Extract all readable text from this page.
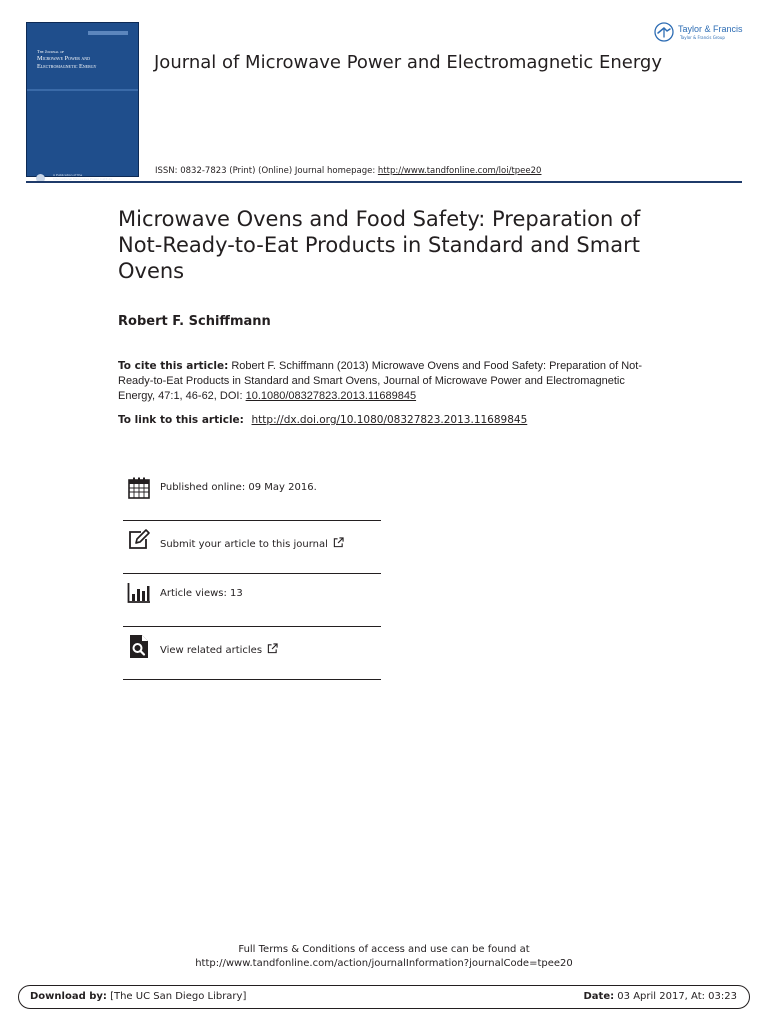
The Journal of
Microwave Power and
Electromagnetic Energy
A Publication of the
International Microwave Power Institute
Journal of Microwave Power and Electromagnetic Energy
ISSN: 0832-7823 (Print) (Online) Journal homepage: http://www.tandfonline.com/loi/tpee20
Taylor & Francis
Taylor & Francis Group
Microwave Ovens and Food Safety: Preparation of Not-Ready-to-Eat Products in Standard and Smart Ovens
Robert F. Schiffmann
To cite this article: Robert F. Schiffmann (2013) Microwave Ovens and Food Safety: Preparation of Not-Ready-to-Eat Products in Standard and Smart Ovens, Journal of Microwave Power and Electromagnetic Energy, 47:1, 46-62, DOI: 10.1080/08327823.2013.11689845
To link to this article: http://dx.doi.org/10.1080/08327823.2013.11689845
Published online: 09 May 2016.
Submit your article to this journal
Article views: 13
View related articles
Full Terms & Conditions of access and use can be found at
http://www.tandfonline.com/action/journalInformation?journalCode=tpee20
Download by: [The UC San Diego Library]	Date: 03 April 2017, At: 03:23
